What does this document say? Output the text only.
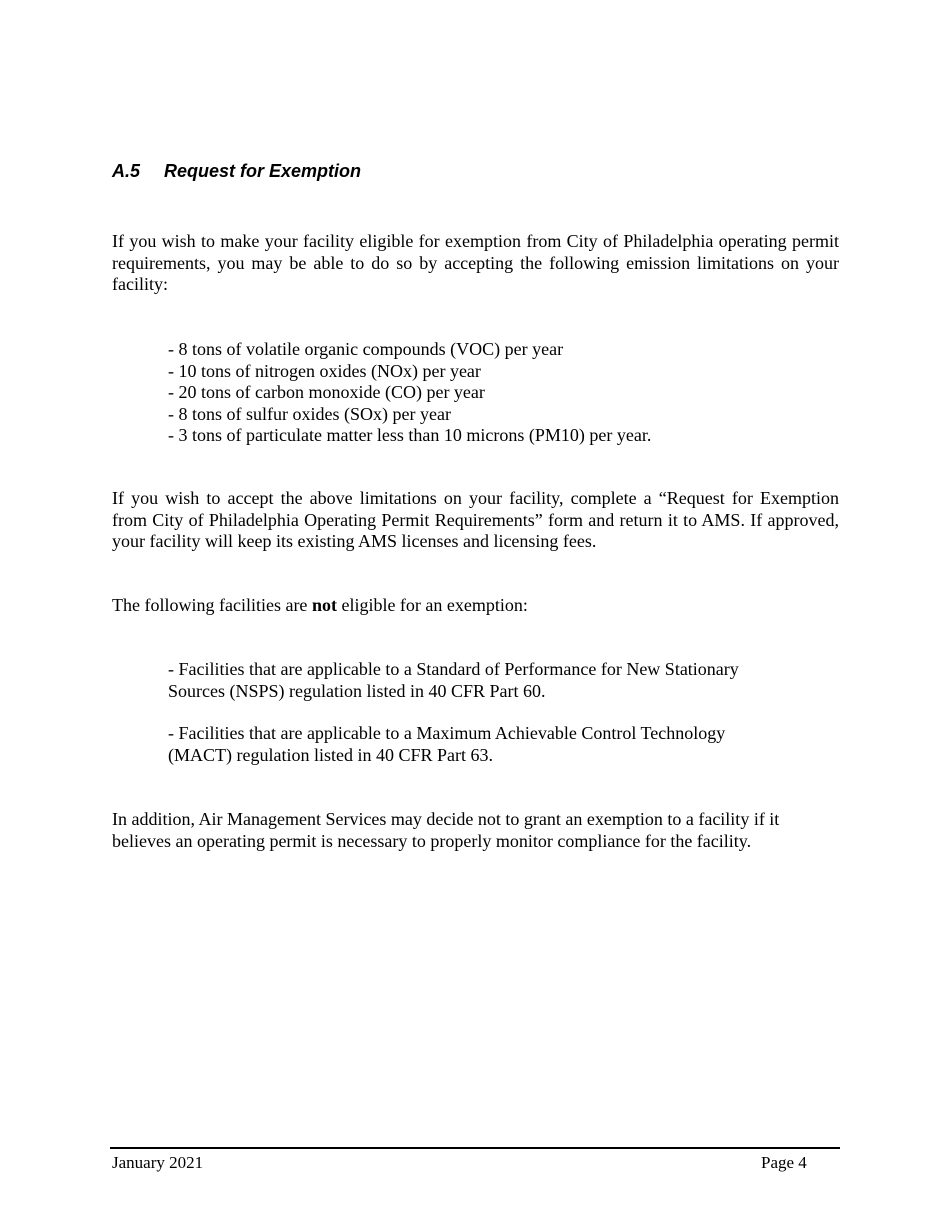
A.5 Request for Exemption

If you wish to make your facility eligible for exemption from City of Philadelphia operating permit requirements, you may be able to do so by accepting the following emission limitations on your facility:

- 8 tons of volatile organic compounds (VOC) per year
- 10 tons of nitrogen oxides (NOx) per year
- 20 tons of carbon monoxide (CO) per year
- 8 tons of sulfur oxides (SOx) per year
- 3 tons of particulate matter less than 10 microns (PM10) per year.

If you wish to accept the above limitations on your facility, complete a “Request for Exemption from City of Philadelphia Operating Permit Requirements” form and return it to AMS. If approved, your facility will keep its existing AMS licenses and licensing fees.

The following facilities are not eligible for an exemption:

- Facilities that are applicable to a Standard of Performance for New Stationary Sources (NSPS) regulation listed in 40 CFR Part 60.

- Facilities that are applicable to a Maximum Achievable Control Technology (MACT) regulation listed in 40 CFR Part 63.

In addition, Air Management Services may decide not to grant an exemption to a facility if it believes an operating permit is necessary to properly monitor compliance for the facility.

January 2021	Page 4
